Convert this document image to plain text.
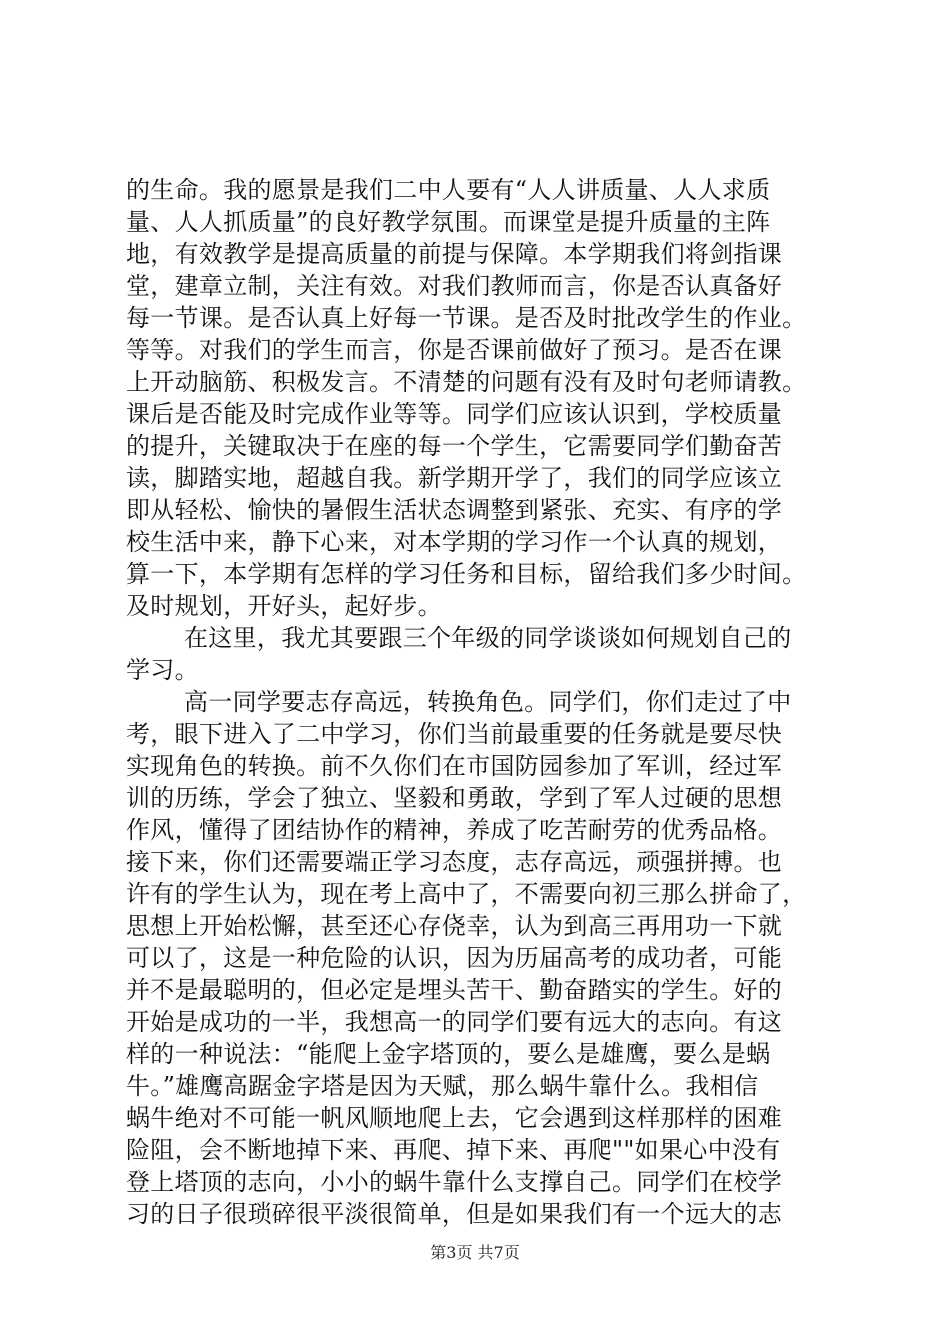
的生命。我的愿景是我们二中人要有“人人讲质量、人人求质
量、人人抓质量”的良好教学氛围。而课堂是提升质量的主阵
地，有效教学是提高质量的前提与保障。本学期我们将剑指课
堂，建章立制，关注有效。对我们教师而言，你是否认真备好
每一节课。是否认真上好每一节课。是否及时批改学生的作业。
等等。对我们的学生而言，你是否课前做好了预习。是否在课
上开动脑筋、积极发言。不清楚的问题有没有及时句老师请教。
课后是否能及时完成作业等等。同学们应该认识到，学校质量
的提升，关键取决于在座的每一个学生，它需要同学们勤奋苦
读，脚踏实地，超越自我。新学期开学了，我们的同学应该立
即从轻松、愉快的暑假生活状态调整到紧张、充实、有序的学
校生活中来，静下心来，对本学期的学习作一个认真的规划，
算一下，本学期有怎样的学习任务和目标，留给我们多少时间。
及时规划，开好头，起好步。
在这里，我尤其要跟三个年级的同学谈谈如何规划自己的
学习。
高一同学要志存高远，转换角色。同学们，你们走过了中
考，眼下进入了二中学习，你们当前最重要的任务就是要尽快
实现角色的转换。前不久你们在市国防园参加了军训，经过军
训的历练，学会了独立、坚毅和勇敢，学到了军人过硬的思想
作风，懂得了团结协作的精神，养成了吃苦耐劳的优秀品格。
接下来，你们还需要端正学习态度，志存高远，顽强拼搏。也
许有的学生认为，现在考上高中了，不需要向初三那么拼命了，
思想上开始松懈，甚至还心存侥幸，认为到高三再用功一下就
可以了，这是一种危险的认识，因为历届高考的成功者，可能
并不是最聪明的，但必定是埋头苦干、勤奋踏实的学生。好的
开始是成功的一半，我想高一的同学们要有远大的志向。有这
样的一种说法：“能爬上金字塔顶的，要么是雄鹰，要么是蜗
牛。”雄鹰高踞金字塔是因为天赋，那么蜗牛靠什么。我相信
蜗牛绝对不可能一帆风顺地爬上去，它会遇到这样那样的困难
险阻，会不断地掉下来、再爬、掉下来、再爬""如果心中没有
登上塔顶的志向，小小的蜗牛靠什么支撑自己。同学们在校学
习的日子很琐碎很平淡很简单，但是如果我们有一个远大的志
第3页 共7页
